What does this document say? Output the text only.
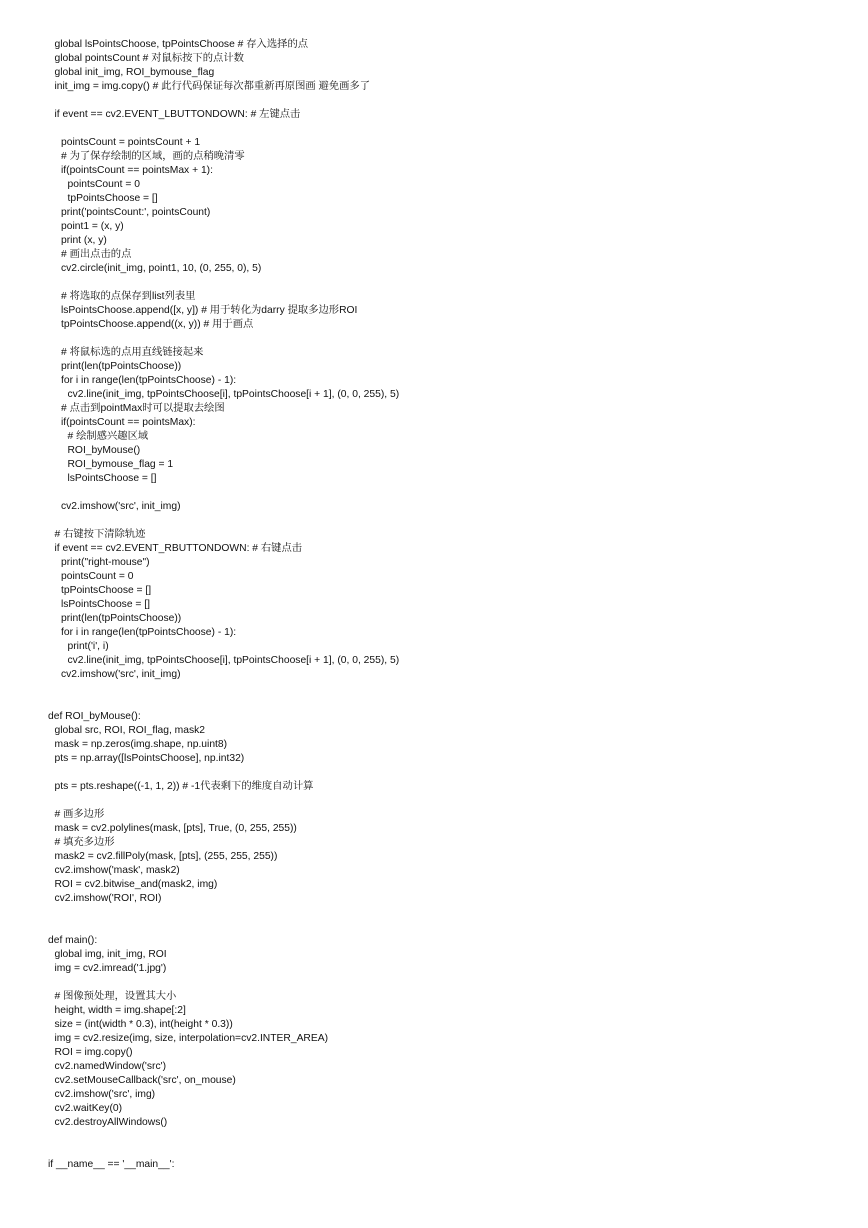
global lsPointsChoose, tpPointsChoose # 存入选择的点
global pointsCount # 对鼠标按下的点计数
global init_img, ROI_bymouse_flag
init_img = img.copy() # 此行代码保证每次都重新再原图画 避免画多了
if event == cv2.EVENT_LBUTTONDOWN: # 左键点击
pointsCount = pointsCount + 1
# 为了保存绘制的区域，画的点稍晚清零
if(pointsCount == pointsMax + 1):
pointsCount = 0
tpPointsChoose = []
print('pointsCount:', pointsCount)
point1 = (x, y)
print (x, y)
# 画出点击的点
cv2.circle(init_img, point1, 10, (0, 255, 0), 5)
# 将选取的点保存到list列表里
lsPointsChoose.append([x, y]) # 用于转化为darry 提取多边形ROI
tpPointsChoose.append((x, y)) # 用于画点
# 将鼠标选的点用直线链接起来
print(len(tpPointsChoose))
for i in range(len(tpPointsChoose) - 1):
cv2.line(init_img, tpPointsChoose[i], tpPointsChoose[i + 1], (0, 0, 255), 5)
# 点击到pointMax时可以提取去绘图
if(pointsCount == pointsMax):
# 绘制感兴趣区域
ROI_byMouse()
ROI_bymouse_flag = 1
lsPointsChoose = []
cv2.imshow('src', init_img)
# 右键按下清除轨迹
if event == cv2.EVENT_RBUTTONDOWN: # 右键点击
print("right-mouse")
pointsCount = 0
tpPointsChoose = []
lsPointsChoose = []
print(len(tpPointsChoose))
for i in range(len(tpPointsChoose) - 1):
print('i', i)
cv2.line(init_img, tpPointsChoose[i], tpPointsChoose[i + 1], (0, 0, 255), 5)
cv2.imshow('src', init_img)
def ROI_byMouse():
global src, ROI, ROI_flag, mask2
mask = np.zeros(img.shape, np.uint8)
pts = np.array([lsPointsChoose], np.int32)
pts = pts.reshape((-1, 1, 2)) # -1代表剩下的维度自动计算
# 画多边形
mask = cv2.polylines(mask, [pts], True, (0, 255, 255))
# 填充多边形
mask2 = cv2.fillPoly(mask, [pts], (255, 255, 255))
cv2.imshow('mask', mask2)
ROI = cv2.bitwise_and(mask2, img)
cv2.imshow('ROI', ROI)
def main():
global img, init_img, ROI
img = cv2.imread('1.jpg')
# 图像预处理，设置其大小
height, width = img.shape[:2]
size = (int(width * 0.3), int(height * 0.3))
img = cv2.resize(img, size, interpolation=cv2.INTER_AREA)
ROI = img.copy()
cv2.namedWindow('src')
cv2.setMouseCallback('src', on_mouse)
cv2.imshow('src', img)
cv2.waitKey(0)
cv2.destroyAllWindows()
if __name__ == '__main__':
